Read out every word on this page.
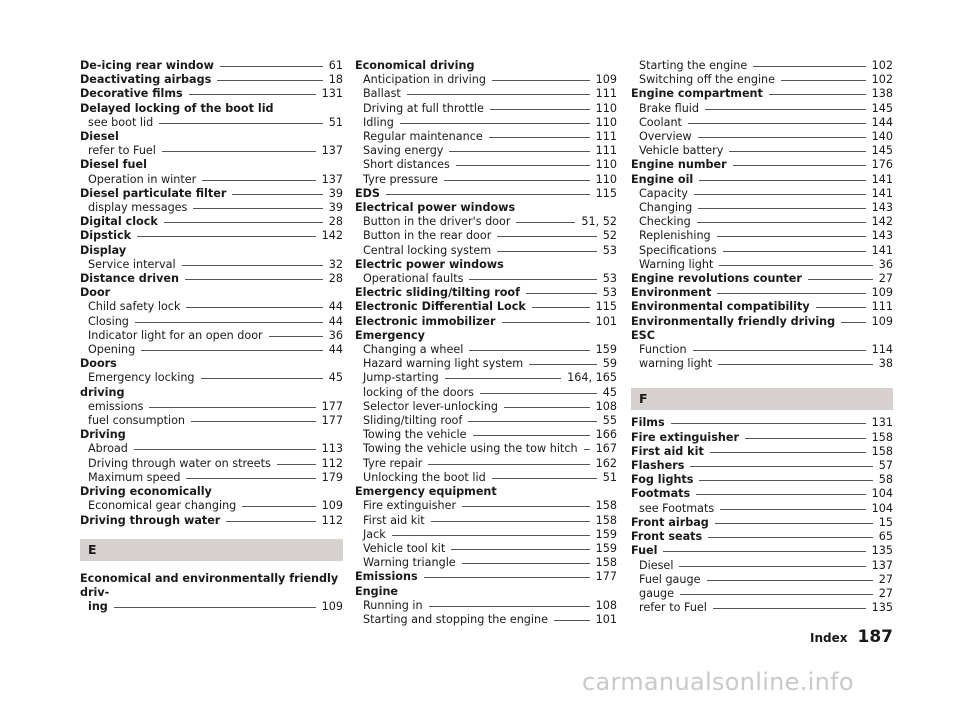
De-icing rear window	61
Deactivating airbags	18
Decorative films	131
Delayed locking of the boot lid
see boot lid	51
Diesel
refer to Fuel	137
Diesel fuel
Operation in winter	137
Diesel particulate filter	39
display messages	39
Digital clock	28
Dipstick	142
Display
Service interval	32
Distance driven	28
Door
Child safety lock	44
Closing	44
Indicator light for an open door	36
Opening	44
Doors
Emergency locking	45
driving
emissions	177
fuel consumption	177
Driving
Abroad	113
Driving through water on streets	112
Maximum speed	179
Driving economically
Economical gear changing	109
Driving through water	112
E
Economical and environmentally friendly driv-
ing	109
Economical driving
Anticipation in driving	109
Ballast	111
Driving at full throttle	110
Idling	110
Regular maintenance	111
Saving energy	111
Short distances	110
Tyre pressure	110
EDS	115
Electrical power windows
Button in the driver's door	51, 52
Button in the rear door	52
Central locking system	53
Electric power windows
Operational faults	53
Electric sliding/tilting roof	53
Electronic Differential Lock	115
Electronic immobilizer	101
Emergency
Changing a wheel	159
Hazard warning light system	59
Jump-starting	164, 165
locking of the doors	45
Selector lever-unlocking	108
Sliding/tilting roof	55
Towing the vehicle	166
Towing the vehicle using the tow hitch 167
Tyre repair	162
Unlocking the boot lid	51
Emergency equipment
Fire extinguisher	158
First aid kit	158
Jack	159
Vehicle tool kit	159
Warning triangle	158
Emissions	177
Engine
Running in	108
Starting and stopping the engine	101
Starting the engine	102
Switching off the engine	102
Engine compartment	138
Brake fluid	145
Coolant	144
Overview	140
Vehicle battery	145
Engine number	176
Engine oil	141
Capacity	141
Changing	143
Checking	142
Replenishing	143
Specifications	141
Warning light	36
Engine revolutions counter	27
Environment	109
Environmental compatibility	111
Environmentally friendly driving	109
ESC
Function	114
warning light	38
F
Films	131
Fire extinguisher	158
First aid kit	158
Flashers	57
Fog lights	58
Footmats	104
see Footmats	104
Front airbag	15
Front seats	65
Fuel	135
Diesel	137
Fuel gauge	27
gauge	27
refer to Fuel	135
Index 187
carmanualsonline.info
